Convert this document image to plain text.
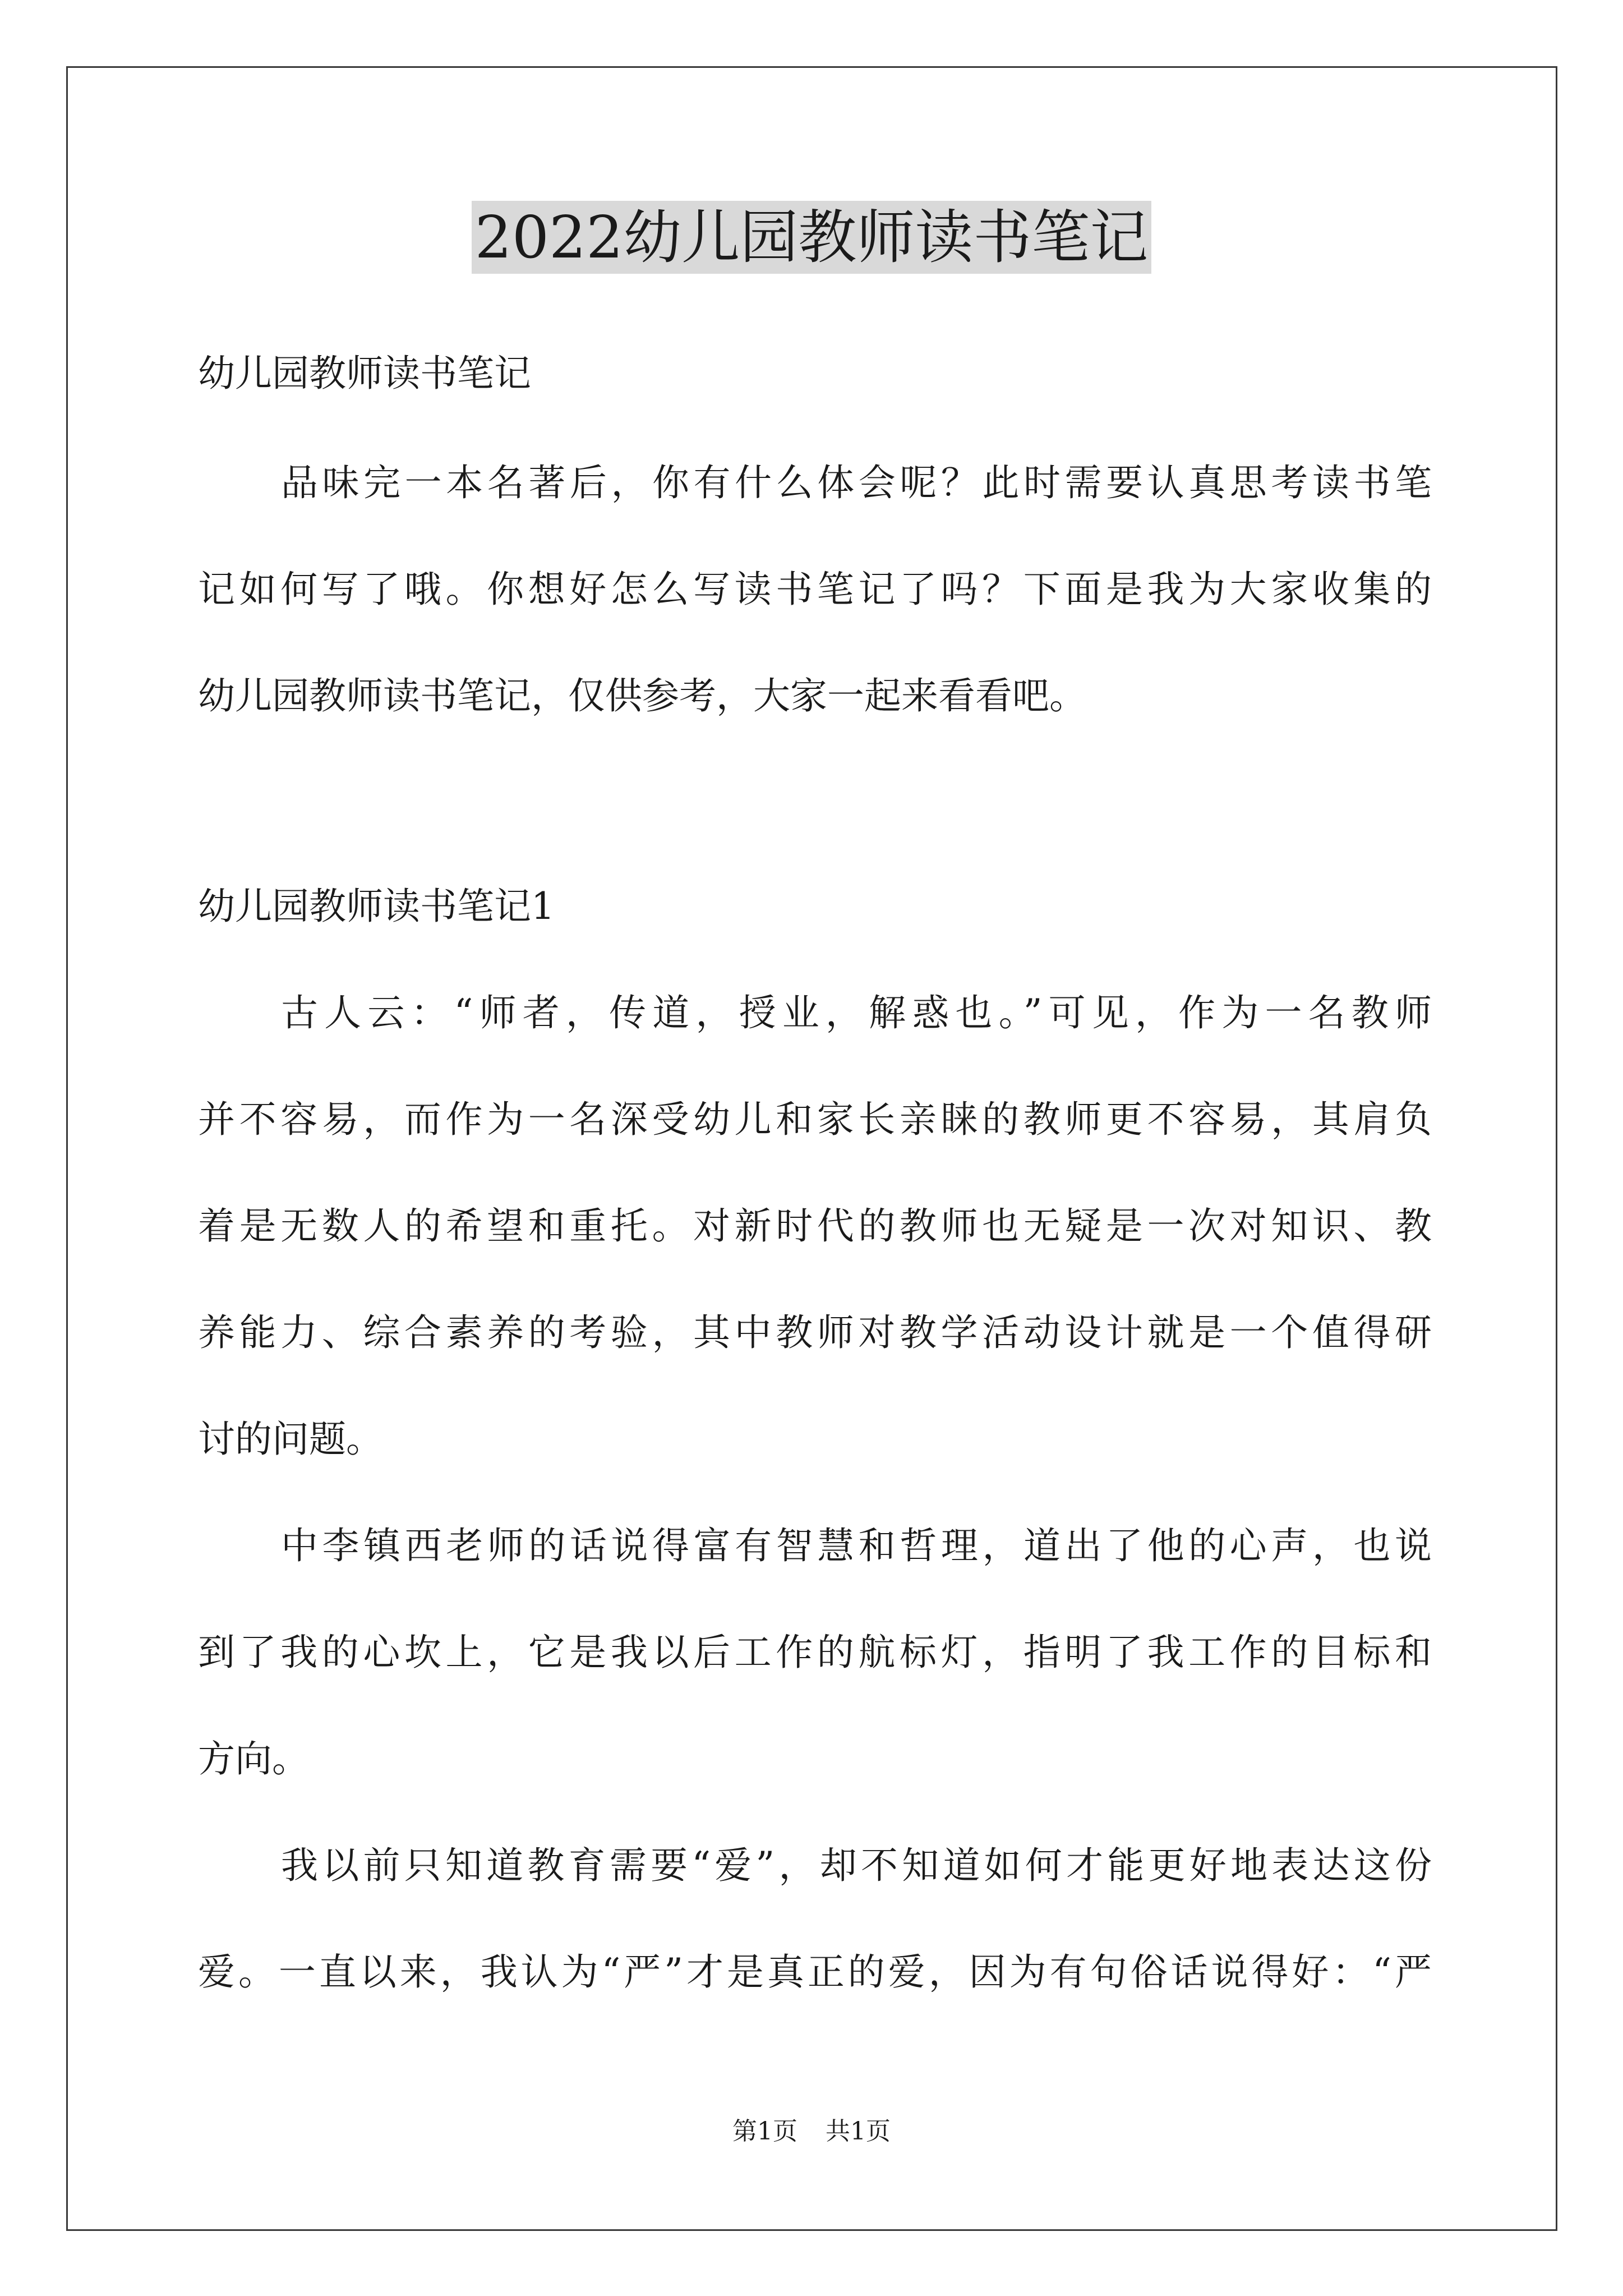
2022幼儿园教师读书笔记
第1页 共1页

幼儿园教师读书笔记

品味完一本名著后，你有什么体会呢？此时需要认真思考读书笔

记如何写了哦。你想好怎么写读书笔记了吗？下面是我为大家收集的

幼儿园教师读书笔记，仅供参考，大家一起来看看吧。

幼儿园教师读书笔记1

古人云：“师者，传道，授业，解惑也。”可见，作为一名教师

并不容易，而作为一名深受幼儿和家长亲睐的教师更不容易，其肩负

着是无数人的希望和重托。对新时代的教师也无疑是一次对知识、教

养能力、综合素养的考验，其中教师对教学活动设计就是一个值得研

讨的问题。

中李镇西老师的话说得富有智慧和哲理，道出了他的心声，也说

到了我的心坎上，它是我以后工作的航标灯，指明了我工作的目标和

方向。

我以前只知道教育需要“爱”，却不知道如何才能更好地表达这份

爱。一直以来，我认为“严”才是真正的爱，因为有句俗话说得好：“严
